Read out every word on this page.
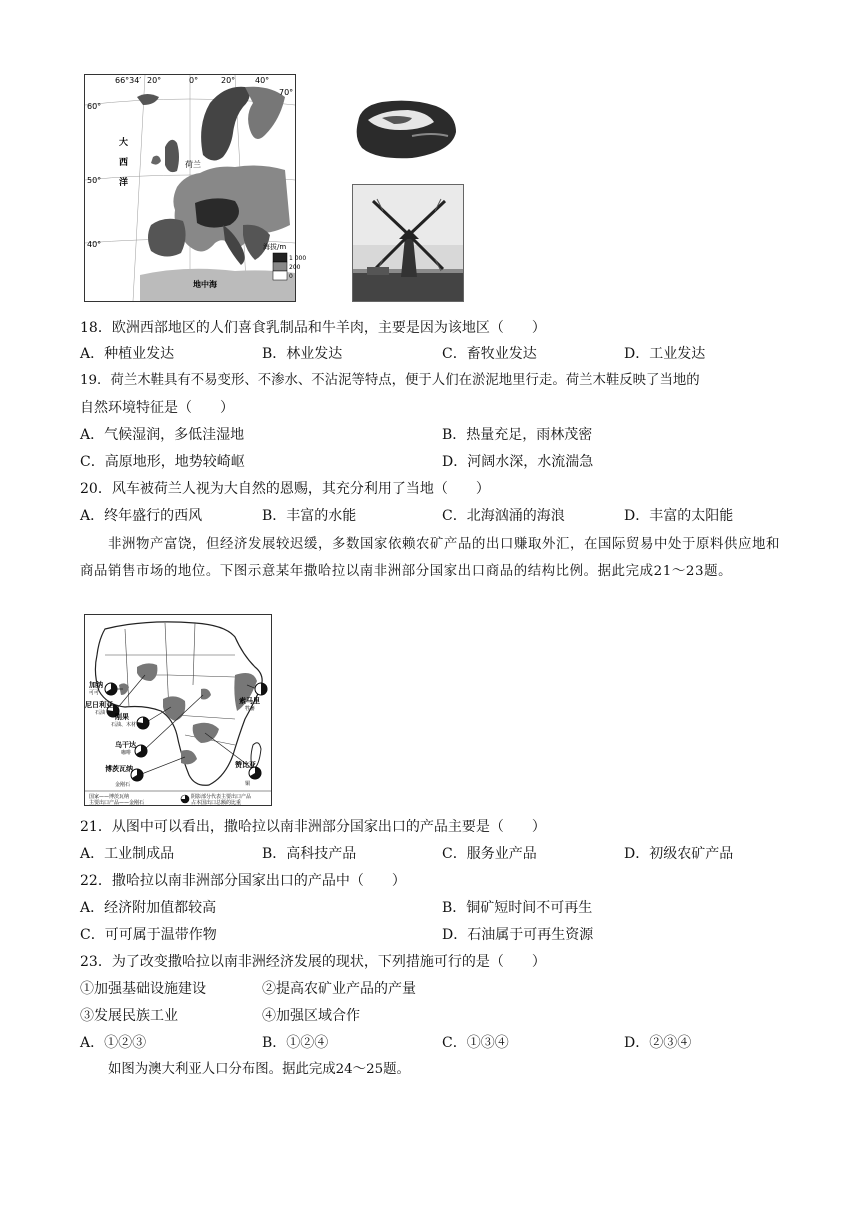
66°34′ 20°	0°	20° 40°
70°
60°
50°
40°
大
西
洋
荷兰
地中海
海拔/m
1 000
200
0
18．欧洲西部地区的人们喜食乳制品和牛羊肉，主要是因为该地区（　　）
A．种植业发达	B．林业发达	C．畜牧业发达	D．工业发达
19．荷兰木鞋具有不易变形、不渗水、不沾泥等特点，便于人们在淤泥地里行走。荷兰木鞋反映了当地的
自然环境特征是（　　）
A．气候湿润，多低洼湿地	B．热量充足，雨林茂密
C．高原地形，地势较崎岖	D．河阔水深，水流湍急
20．风车被荷兰人视为大自然的恩赐，其充分利用了当地（　　）
A．终年盛行的西风	B．丰富的水能	C．北海汹涌的海浪	D．丰富的太阳能
非洲物产富饶，但经济发展较迟缓，多数国家依赖农矿产品的出口赚取外汇，在国际贸易中处于原料供应地和商品销售市场的地位。下图示意某年撒哈拉以南非洲部分国家出口商品的结构比例。据此完成21～23题。
加纳
尼日利亚
刚果
乌干达
博茨瓦纳
索马里
赞比亚
可可
石油
石油、木材
咖啡
金刚石
牲畜
铜
国家——博茨瓦纳
主要出口产品——金刚石
阴影部分代表主要出口产品
占本国出口总额的比重
21．从图中可以看出，撒哈拉以南非洲部分国家出口的产品主要是（　　）
A．工业制成品	B．高科技产品	C．服务业产品	D．初级农矿产品
22．撒哈拉以南非洲部分国家出口的产品中（　　）
A．经济附加值都较高	B．铜矿短时间不可再生
C．可可属于温带作物	D．石油属于可再生资源
23．为了改变撒哈拉以南非洲经济发展的现状，下列措施可行的是（　　）
①加强基础设施建设	②提高农矿业产品的产量
③发展民族工业	④加强区域合作
A．①②③	B．①②④	C．①③④	D．②③④
如图为澳大利亚人口分布图。据此完成24～25题。
